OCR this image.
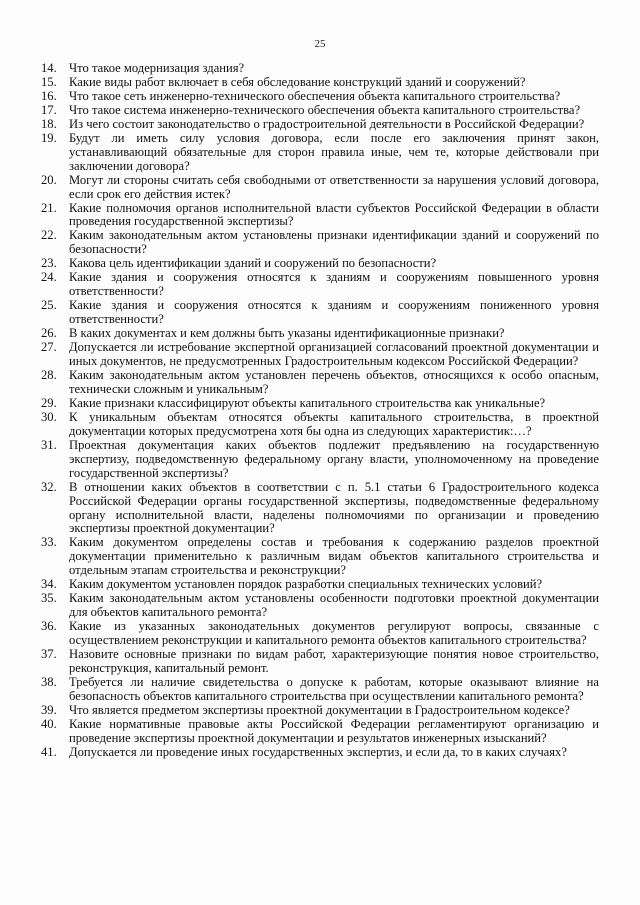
25
14. Что такое модернизация здания?
15. Какие виды работ включает в себя обследование конструкций зданий и сооружений?
16. Что такое сеть инженерно-технического обеспечения объекта капитального строительства?
17. Что такое система инженерно-технического обеспечения объекта капитального строительства?
18. Из чего состоит законодательство о градостроительной деятельности в Российской Федерации?
19. Будут ли иметь силу условия договора, если после его заключения принят закон, устанавливающий обязательные для сторон правила иные, чем те, которые действовали при заключении договора?
20. Могут ли стороны считать себя свободными от ответственности за нарушения условий договора, если срок его действия истек?
21. Какие полномочия органов исполнительной власти субъектов Российской Федерации в области проведения государственной экспертизы?
22. Каким законодательным актом установлены признаки идентификации зданий и сооружений по безопасности?
23. Какова цель идентификации зданий и сооружений по безопасности?
24. Какие здания и сооружения относятся к зданиям и сооружениям повышенного уровня ответственности?
25. Какие здания и сооружения относятся к зданиям и сооружениям пониженного уровня ответственности?
26. В каких документах и кем должны быть указаны идентификационные признаки?
27. Допускается ли истребование экспертной организацией согласований проектной документации и иных документов, не предусмотренных Градостроительным кодексом Российской Федерации?
28. Каким законодательным актом установлен перечень объектов, относящихся к особо опасным, технически сложным и уникальным?
29. Какие признаки классифицируют объекты капитального строительства как уникальные?
30. К уникальным объектам относятся объекты капитального строительства, в проектной документации которых предусмотрена хотя бы одна из следующих характеристик:…?
31. Проектная документация каких объектов подлежит предъявлению на государственную экспертизу, подведомственную федеральному органу власти, уполномоченному на проведение государственной экспертизы?
32. В отношении каких объектов в соответствии с п. 5.1 статьи 6 Градостроительного кодекса Российской Федерации органы государственной экспертизы, подведомственные федеральному органу исполнительной власти, наделены полномочиями по организации и проведению экспертизы проектной документации?
33. Каким документом определены состав и требования к содержанию разделов проектной документации применительно к различным видам объектов капитального строительства и отдельным этапам строительства и реконструкции?
34. Каким документом установлен порядок разработки специальных технических условий?
35. Каким законодательным актом установлены особенности подготовки проектной документации для объектов капитального ремонта?
36. Какие из указанных законодательных документов регулируют вопросы, связанные с осуществлением реконструкции и капитального ремонта объектов капитального строительства?
37. Назовите основные признаки по видам работ, характеризующие понятия новое строительство, реконструкция, капитальный ремонт.
38. Требуется ли наличие свидетельства о допуске к работам, которые оказывают влияние на безопасность объектов капитального строительства при осуществлении капитального ремонта?
39. Что является предметом экспертизы проектной документации в Градостроительном кодексе?
40. Какие нормативные правовые акты Российской Федерации регламентируют организацию и проведение экспертизы проектной документации и результатов инженерных изысканий?
41. Допускается ли проведение иных государственных экспертиз, и если да, то в каких случаях?
